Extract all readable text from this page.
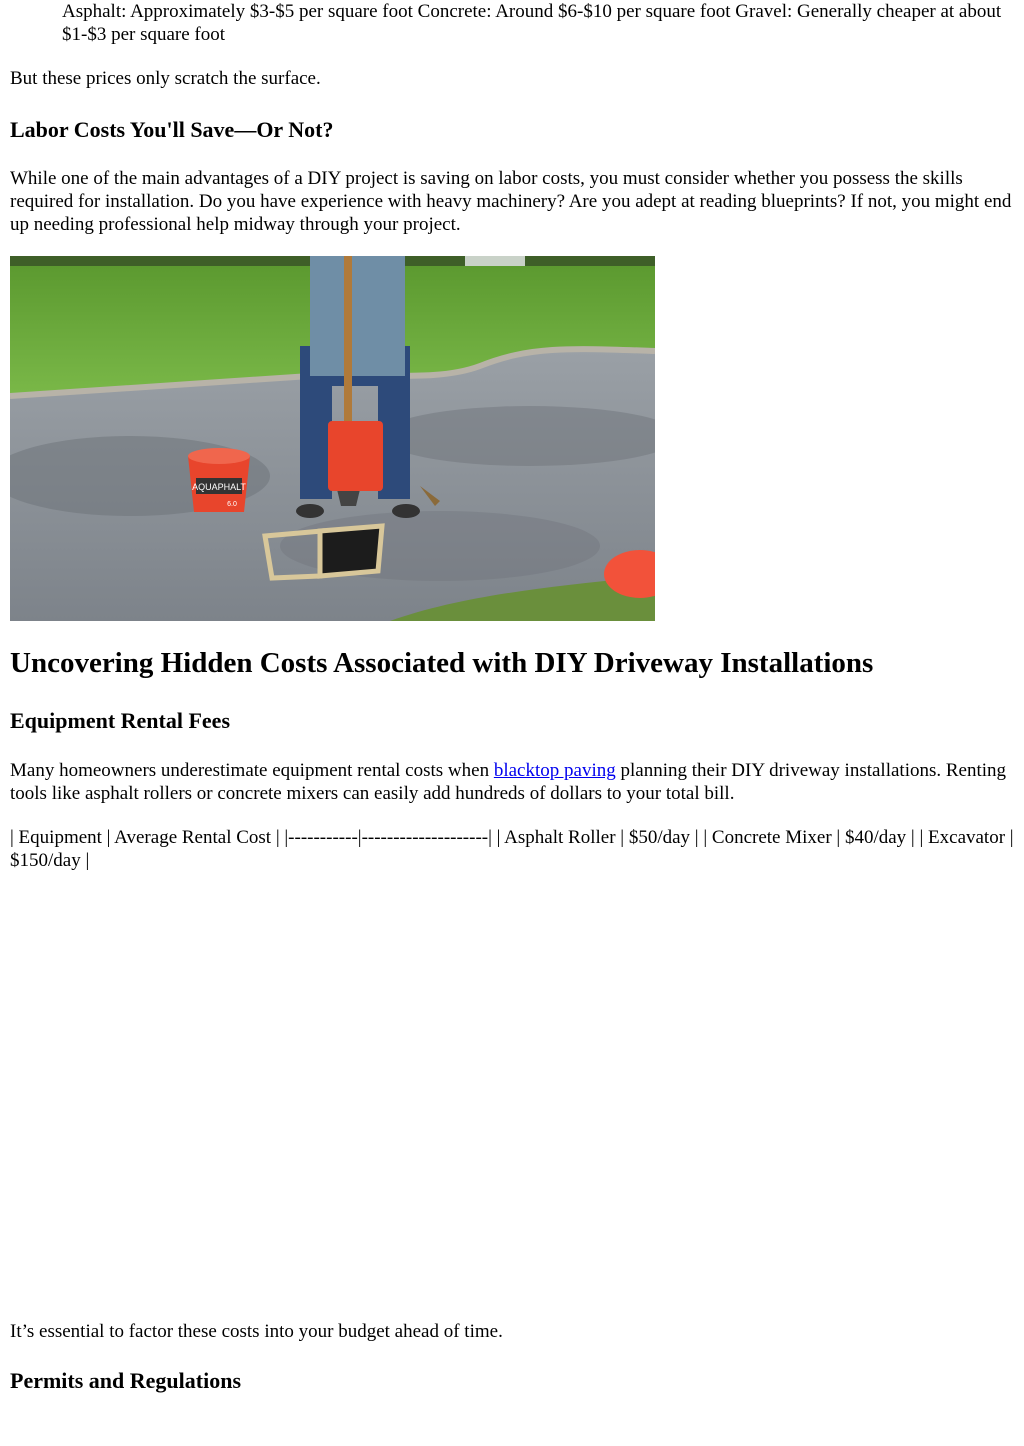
Asphalt: Approximately $3-$5 per square foot Concrete: Around $6-$10 per square foot Gravel: Generally cheaper at about $1-$3 per square foot

But these prices only scratch the surface.

Labor Costs You'll Save—Or Not?

While one of the main advantages of a DIY project is saving on labor costs, you must consider whether you possess the skills required for installation. Do you have experience with heavy machinery? Are you adept at reading blueprints? If not, you might end up needing professional help midway through your project.

AQUAPHALT
6.0
Uncovering Hidden Costs Associated with DIY Driveway Installations
Equipment Rental Fees

Many homeowners underestimate equipment rental costs when blacktop paving planning their DIY driveway installations. Renting tools like asphalt rollers or concrete mixers can easily add hundreds of dollars to your total bill.

| Equipment | Average Rental Cost | |-----------|--------------------| | Asphalt Roller | $50/day | | Concrete Mixer | $40/day | | Excavator | $150/day |

It’s essential to factor these costs into your budget ahead of time.

Permits and Regulations
